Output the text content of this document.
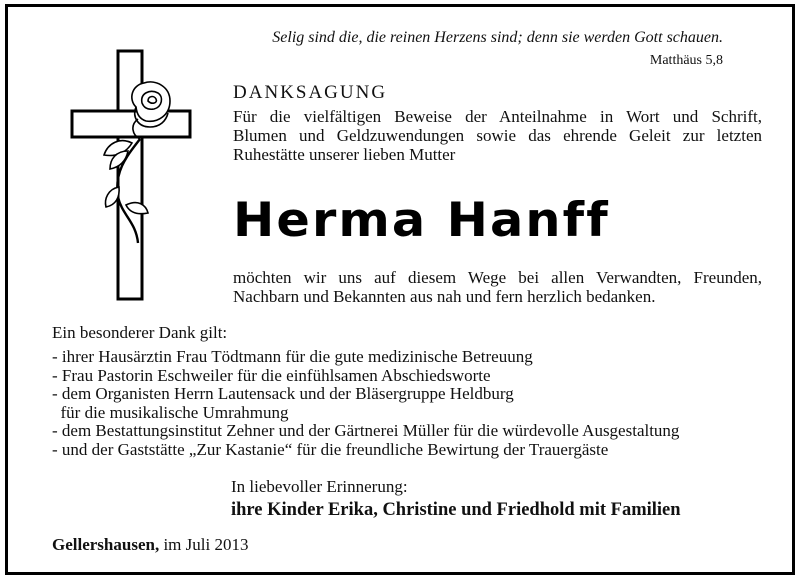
Selig sind die, die reinen Herzens sind; denn sie werden Gott schauen.
Matthäus 5,8
DANKSAGUNG
Für die vielfältigen Beweise der Anteilnahme in Wort und Schrift,
Blumen und Geldzuwendungen sowie das ehrende Geleit zur letzten
Ruhestätte unserer lieben Mutter
Herma Hanff
möchten wir uns auf diesem Wege bei allen Verwandten, Freunden,
Nachbarn und Bekannten aus nah und fern herzlich bedanken.
Ein besonderer Dank gilt:
- ihrer Hausärztin Frau Tödtmann für die gute medizinische Betreuung
- Frau Pastorin Eschweiler für die einfühlsamen Abschiedsworte
- dem Organisten Herrn Lautensack und der Bläsergruppe Heldburg
für die musikalische Umrahmung
- dem Bestattungsinstitut Zehner und der Gärtnerei Müller für die würdevolle Ausgestaltung
- und der Gaststätte „Zur Kastanie“ für die freundliche Bewirtung der Trauergäste
In liebevoller Erinnerung:
ihre Kinder Erika, Christine und Friedhold mit Familien
Gellershausen, im Juli 2013
